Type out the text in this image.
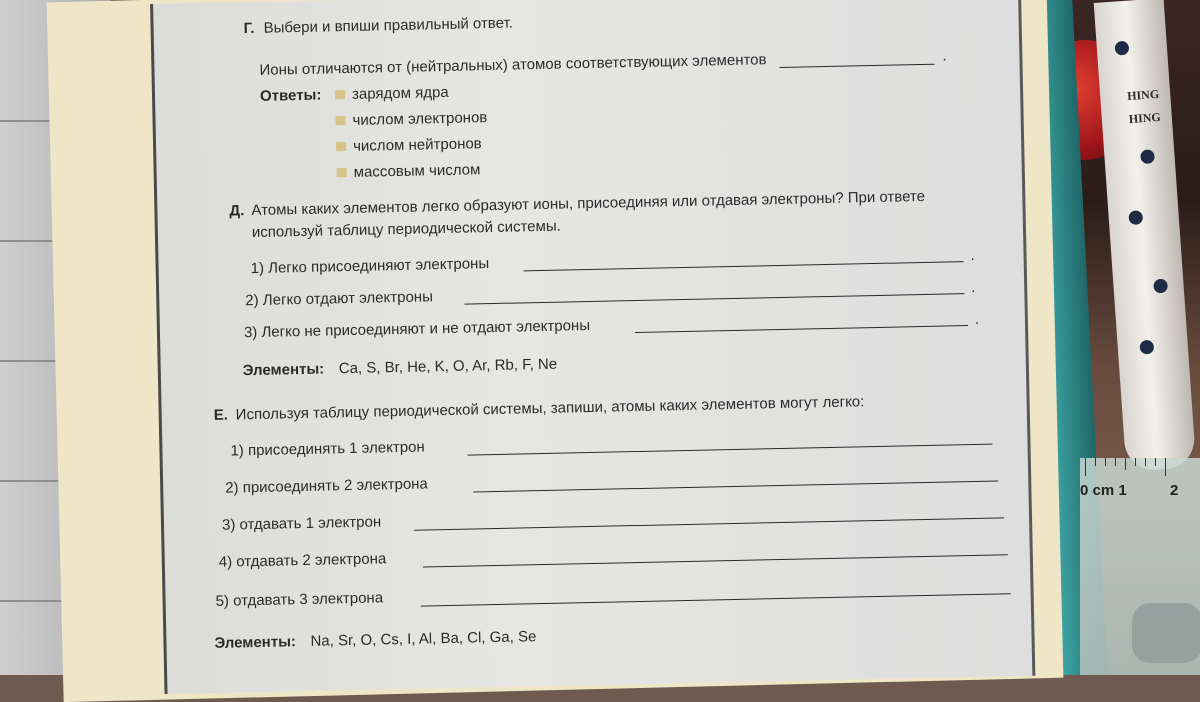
HING
HING
0 cm 1	2
Г. Выбери и впиши правильный ответ.
Ионы отличаются от (нейтральных) атомов соответствующих элементов	.
Ответы: зарядом ядра
числом электронов
числом нейтронов
массовым числом
Д. Атомы каких элементов легко образуют ионы, присоединяя или отдавая электроны? При ответе
используй таблицу периодической системы.
1) Легко присоединяют электроны	.
2) Легко отдают электроны
.
3) Легко не присоединяют и не отдают электроны	.
Элементы: Ca, S, Br, He, K, O, Ar, Rb, F, Ne
Е. Используя таблицу периодической системы, запиши, атомы каких элементов могут легко:
1) присоединять 1 электрон
2) присоединять 2 электрона
3) отдавать 1 электрон
4) отдавать 2 электрона
5) отдавать 3 электрона
Элементы: Na, Sr, O, Cs, I, Al, Ba, Cl, Ga, Se
